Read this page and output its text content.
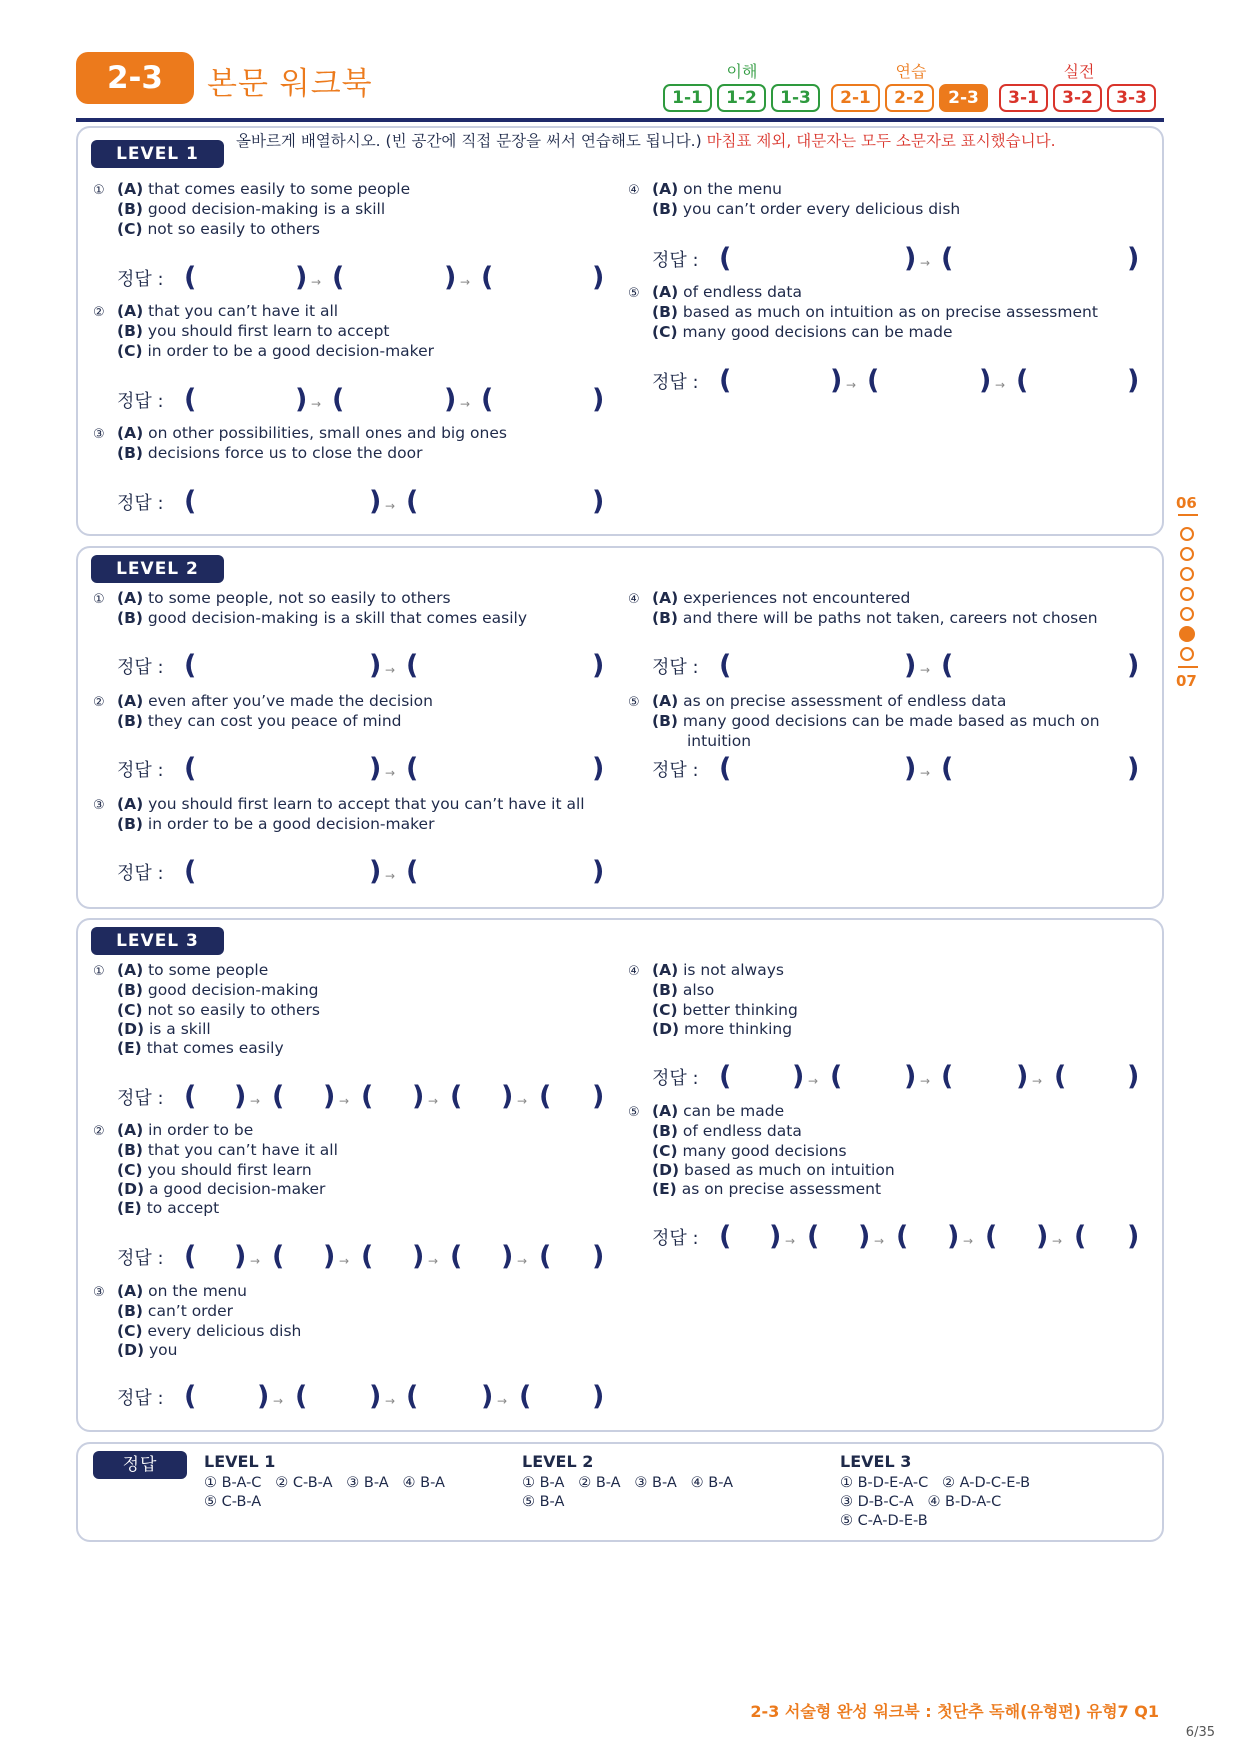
2-3	본문 워크북	이해	연습	실전
1-1	1-2	1-3	2-1	2-2	2-3	3-1	3-2	3-3
06
07
LEVEL 1
올바르게 배열하시오. (빈 공간에 직접 문장을 써서 연습해도 됩니다.) 마침표 제외, 대문자는 모두 소문자로 표시했습니다.
① (A) that comes easily to some people
(B) good decision-making is a skill
(C) not so easily to others
정답 : (	) → (	) → (	)
② (A) that you can’t have it all
(B) you should first learn to accept
(C) in order to be a good decision-maker
정답 : (	) → (	) → (	)
③ (A) on other possibilities, small ones and big ones
(B) decisions force us to close the door
정답 : (	) → (	)
④ (A) on the menu
(B) you can’t order every delicious dish
정답 : (	) → (	)
⑤ (A) of endless data
(B) based as much on intuition as on precise assessment
(C) many good decisions can be made
정답 : (	) → (	) → (	)
LEVEL 2
① (A) to some people, not so easily to others
(B) good decision-making is a skill that comes easily
정답 : (	) → (	)
② (A) even after you’ve made the decision
(B) they can cost you peace of mind
정답 : (	) → (	)
③ (A) you should first learn to accept that you can’t have it all
(B) in order to be a good decision-maker
정답 : (	) → (	)
④ (A) experiences not encountered
(B) and there will be paths not taken, careers not chosen
정답 : (	) → (	)
⑤ (A) as on precise assessment of endless data
(B) many good decisions can be made based as much on
intuition
정답 : (	) → (	)
LEVEL 3
① (A) to some people
(B) good decision-making
(C) not so easily to others
(D) is a skill
(E) that comes easily
정답 : ( ) → ( ) → ( ) → ( ) → ( )
② (A) in order to be
(B) that you can’t have it all
(C) you should first learn
(D) a good decision-maker
(E) to accept
정답 : ( ) → ( ) → ( ) → ( ) → ( )
③ (A) on the menu
(B) can’t order
(C) every delicious dish
(D) you
정답 : ( ) → ( ) → ( ) → ( )
④ (A) is not always
(B) also
(C) better thinking
(D) more thinking
정답 : ( ) → ( ) → ( ) → ( )
⑤ (A) can be made
(B) of endless data
(C) many good decisions
(D) based as much on intuition
(E) as on precise assessment
정답 : ( ) → ( ) → ( ) → ( ) → ( )
정답	LEVEL 1
① B-A-C   ② C-B-A   ③ B-A   ④ B-A
⑤ C-B-A
LEVEL 2
① B-A   ② B-A   ③ B-A   ④ B-A
⑤ B-A
LEVEL 3
① B-D-E-A-C   ② A-D-C-E-B
③ D-B-C-A   ④ B-D-A-C
⑤ C-A-D-E-B
2-3 서술형 완성 워크북 : 첫단추 독해(유형편) 유형7 Q1
6/35
